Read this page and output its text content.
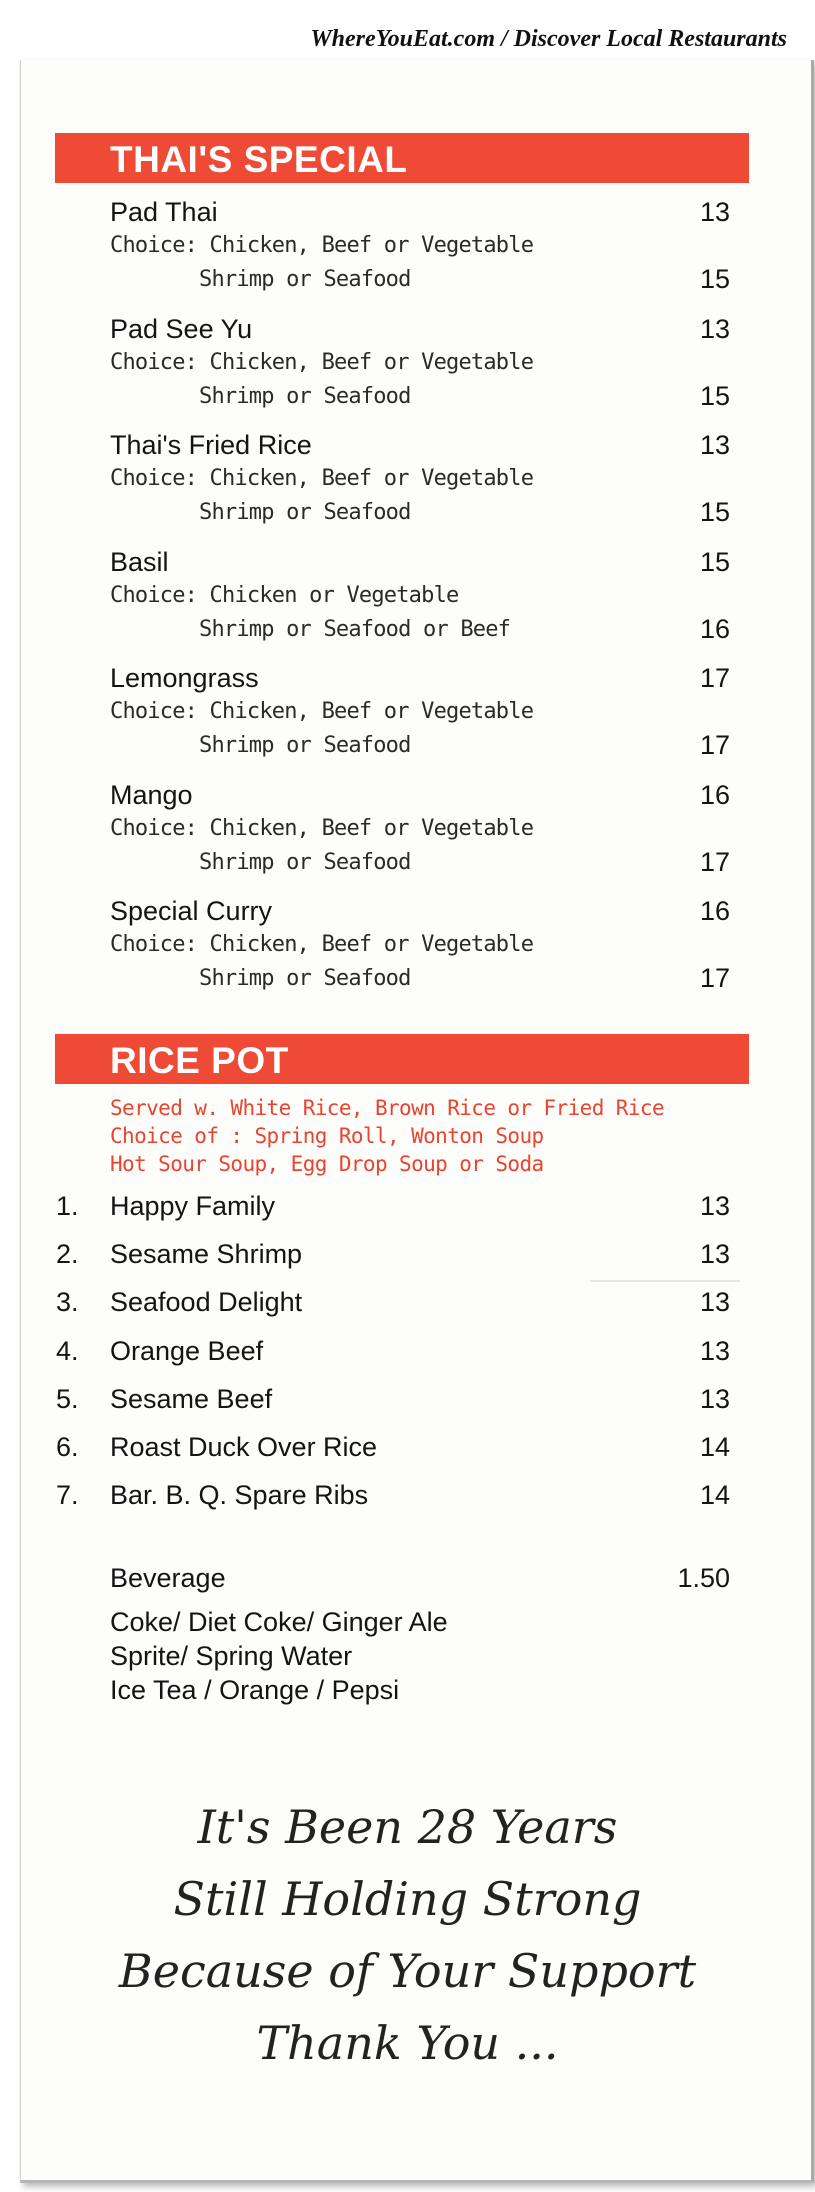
WhereYouEat.com / Discover Local Restaurants
THAI'S SPECIAL
RICE POT
Served w. White Rice, Brown Rice or Fried Rice
Choice of : Spring Roll, Wonton Soup
Hot Sour Soup, Egg Drop Soup or Soda
Beverage	1.50
Coke/ Diet Coke/ Ginger Ale
Sprite/ Spring Water
Ice Tea / Orange / Pepsi
It's Been 28 Years
Still Holding Strong
Because of Your Support
Thank You ...
Pad Thai	13
Choice: Chicken, Beef or Vegetable
Shrimp or Seafood	15
Pad See Yu	13
Choice: Chicken, Beef or Vegetable
Shrimp or Seafood	15
Thai's Fried Rice	13
Choice: Chicken, Beef or Vegetable
Shrimp or Seafood	15
Basil	15
Choice: Chicken or Vegetable
Shrimp or Seafood or Beef	16
Lemongrass	17
Choice: Chicken, Beef or Vegetable
Shrimp or Seafood	17
Mango	16
Choice: Chicken, Beef or Vegetable
Shrimp or Seafood	17
Special Curry	16
Choice: Chicken, Beef or Vegetable
Shrimp or Seafood	17
1. Happy Family	13
2. Sesame Shrimp	13
3. Seafood Delight	13
4. Orange Beef	13
5. Sesame Beef	13
6. Roast Duck Over Rice	14
7. Bar. B. Q. Spare Ribs	14
